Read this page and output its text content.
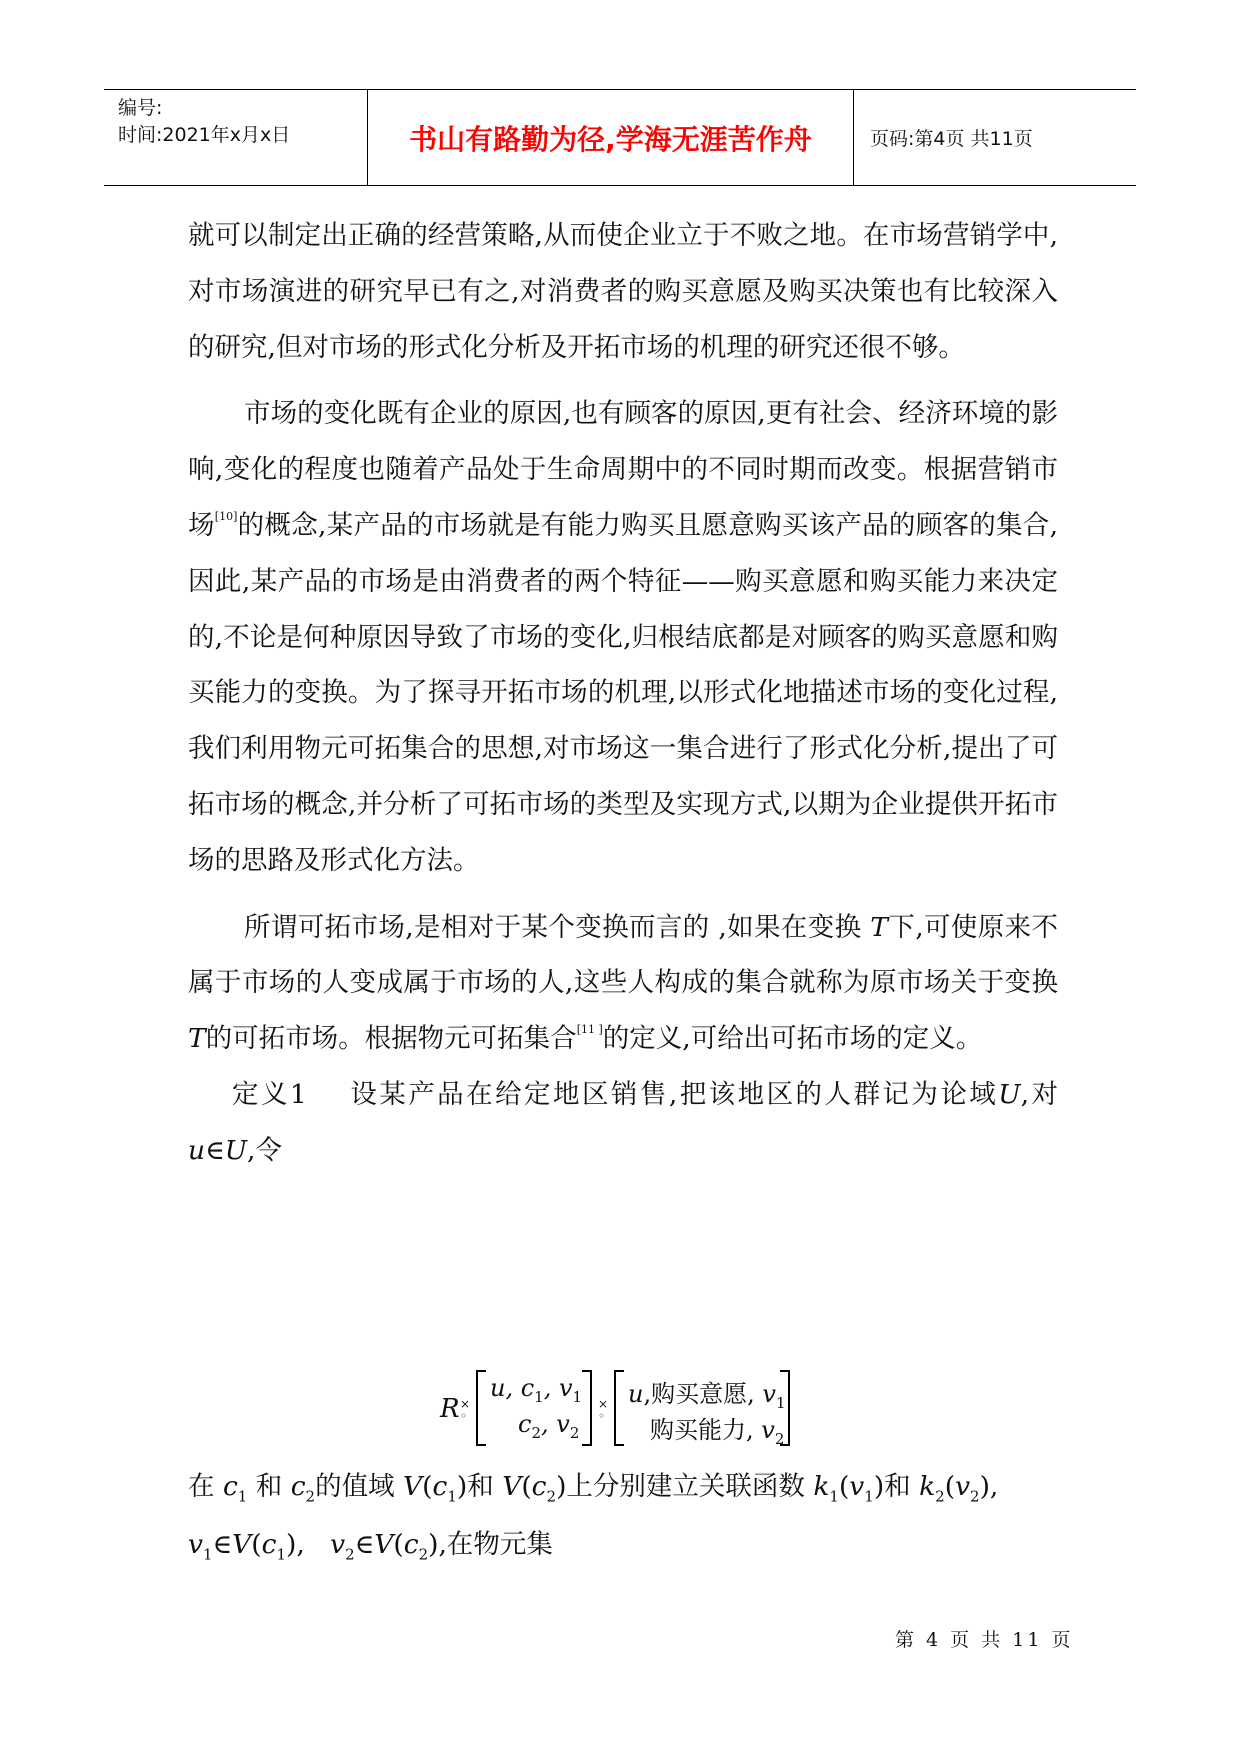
编号:
时间:2021年x月x日	书山有路勤为径,学海无涯苦作舟	页码:第4页 共11页

就可以制定出正确的经营策略,从而使企业立于不败之地。在市场营销学中,对市场演进的研究早已有之,对消费者的购买意愿及购买决策也有比较深入的研究,但对市场的形式化分析及开拓市场的机理的研究还很不够。

市场的变化既有企业的原因,也有顾客的原因,更有社会、经济环境的影响,变化的程度也随着产品处于生命周期中的不同时期而改变。根据营销市场[10]的概念,某产品的市场就是有能力购买且愿意购买该产品的顾客的集合,因此,某产品的市场是由消费者的两个特征——购买意愿和购买能力来决定的,不论是何种原因导致了市场的变化,归根结底都是对顾客的购买意愿和购买能力的变换。为了探寻开拓市场的机理,以形式化地描述市场的变化过程,我们利用物元可拓集合的思想,对市场这一集合进行了形式化分析,提出了可拓市场的概念,并分析了可拓市场的类型及实现方式,以期为企业提供开拓市场的思路及形式化方法。

所谓可拓市场,是相对于某个变换而言的 ,如果在变换 T下,可使原来不属于市场的人变成属于市场的人,这些人构成的集合就称为原市场关于变换 T的可拓市场。根据物元可拓集合[11 ]的定义,可给出可拓市场的定义。

定义1 设某产品在给定地区销售,把该地区的人群记为论域U,对 u∈U,令

R ×
◦
u, $c_1$, $v_1$
$c_2$, $v_2$
×
◦
u,购买意愿, $v_1$
购买能力, $v_2$

在 $c_1$ 和 $c_2$的值域 $V(c_1)$和 $V(c_2)$上分别建立关联函数 $k_1(v_1)$和 $k_2(v_2)$,
$v_1\in V(c_1)$,   $v_2\in V(c_2)$,在物元集

第 4 页 共 11 页
